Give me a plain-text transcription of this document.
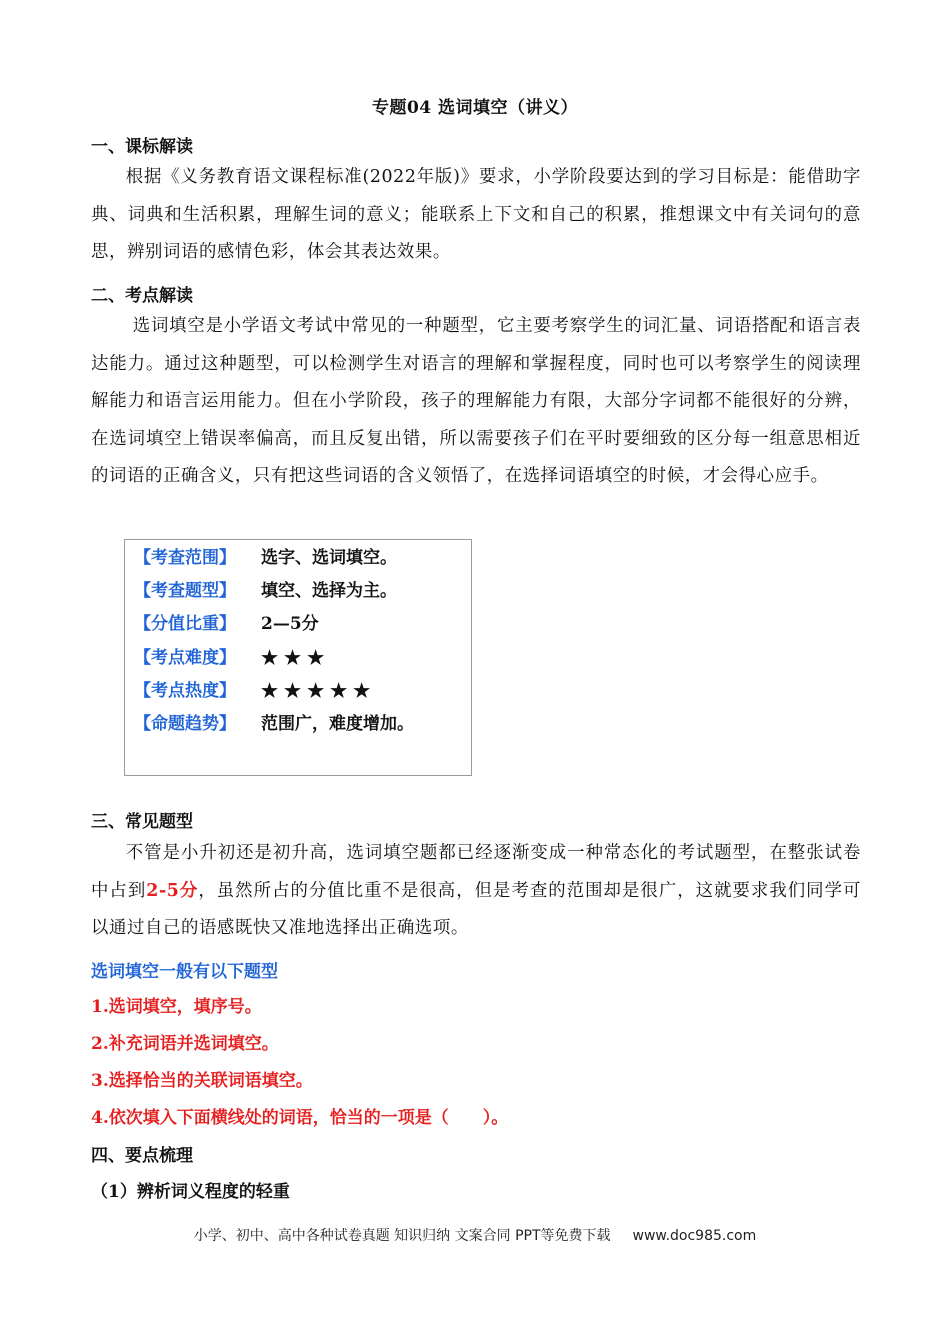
专题04 选词填空（讲义）
一、课标解读

根据《义务教育语文课程标准(2022年版)》要求，小学阶段要达到的学习目标是：能借助字典、词典和生活积累，理解生词的意义；能联系上下文和自己的积累，推想课文中有关词句的意思，辨别词语的感情色彩，体会其表达效果。

二、考点解读

选词填空是小学语文考试中常见的一种题型，它主要考察学生的词汇量、词语搭配和语言表达能力。通过这种题型，可以检测学生对语言的理解和掌握程度，同时也可以考察学生的阅读理解能力和语言运用能力。但在小学阶段，孩子的理解能力有限，大部分字词都不能很好的分辨，在选词填空上错误率偏高，而且反复出错，所以需要孩子们在平时要细致的区分每一组意思相近的词语的正确含义，只有把这些词语的含义领悟了，在选择词语填空的时候，才会得心应手。

【考查范围】 选字、选词填空。
【考查题型】 填空、选择为主。
【分值比重】 2—5分
【考点难度】 ★★★
【考点热度】 ★★★★★
【命题趋势】 范围广，难度增加。
三、常见题型

不管是小升初还是初升高，选词填空题都已经逐渐变成一种常态化的考试题型，在整张试卷中占到2-5分，虽然所占的分值比重不是很高，但是考查的范围却是很广，这就要求我们同学可以通过自己的语感既快又准地选择出正确选项。

选词填空一般有以下题型
1.选词填空，填序号。
2.补充词语并选词填空。
3.选择恰当的关联词语填空。
4.依次填入下面横线处的词语，恰当的一项是（　　）。
四、要点梳理
（1）辨析词义程度的轻重
小学、初中、高中各种试卷真题 知识归纳 文案合同 PPT等免费下载 www.doc985.com
